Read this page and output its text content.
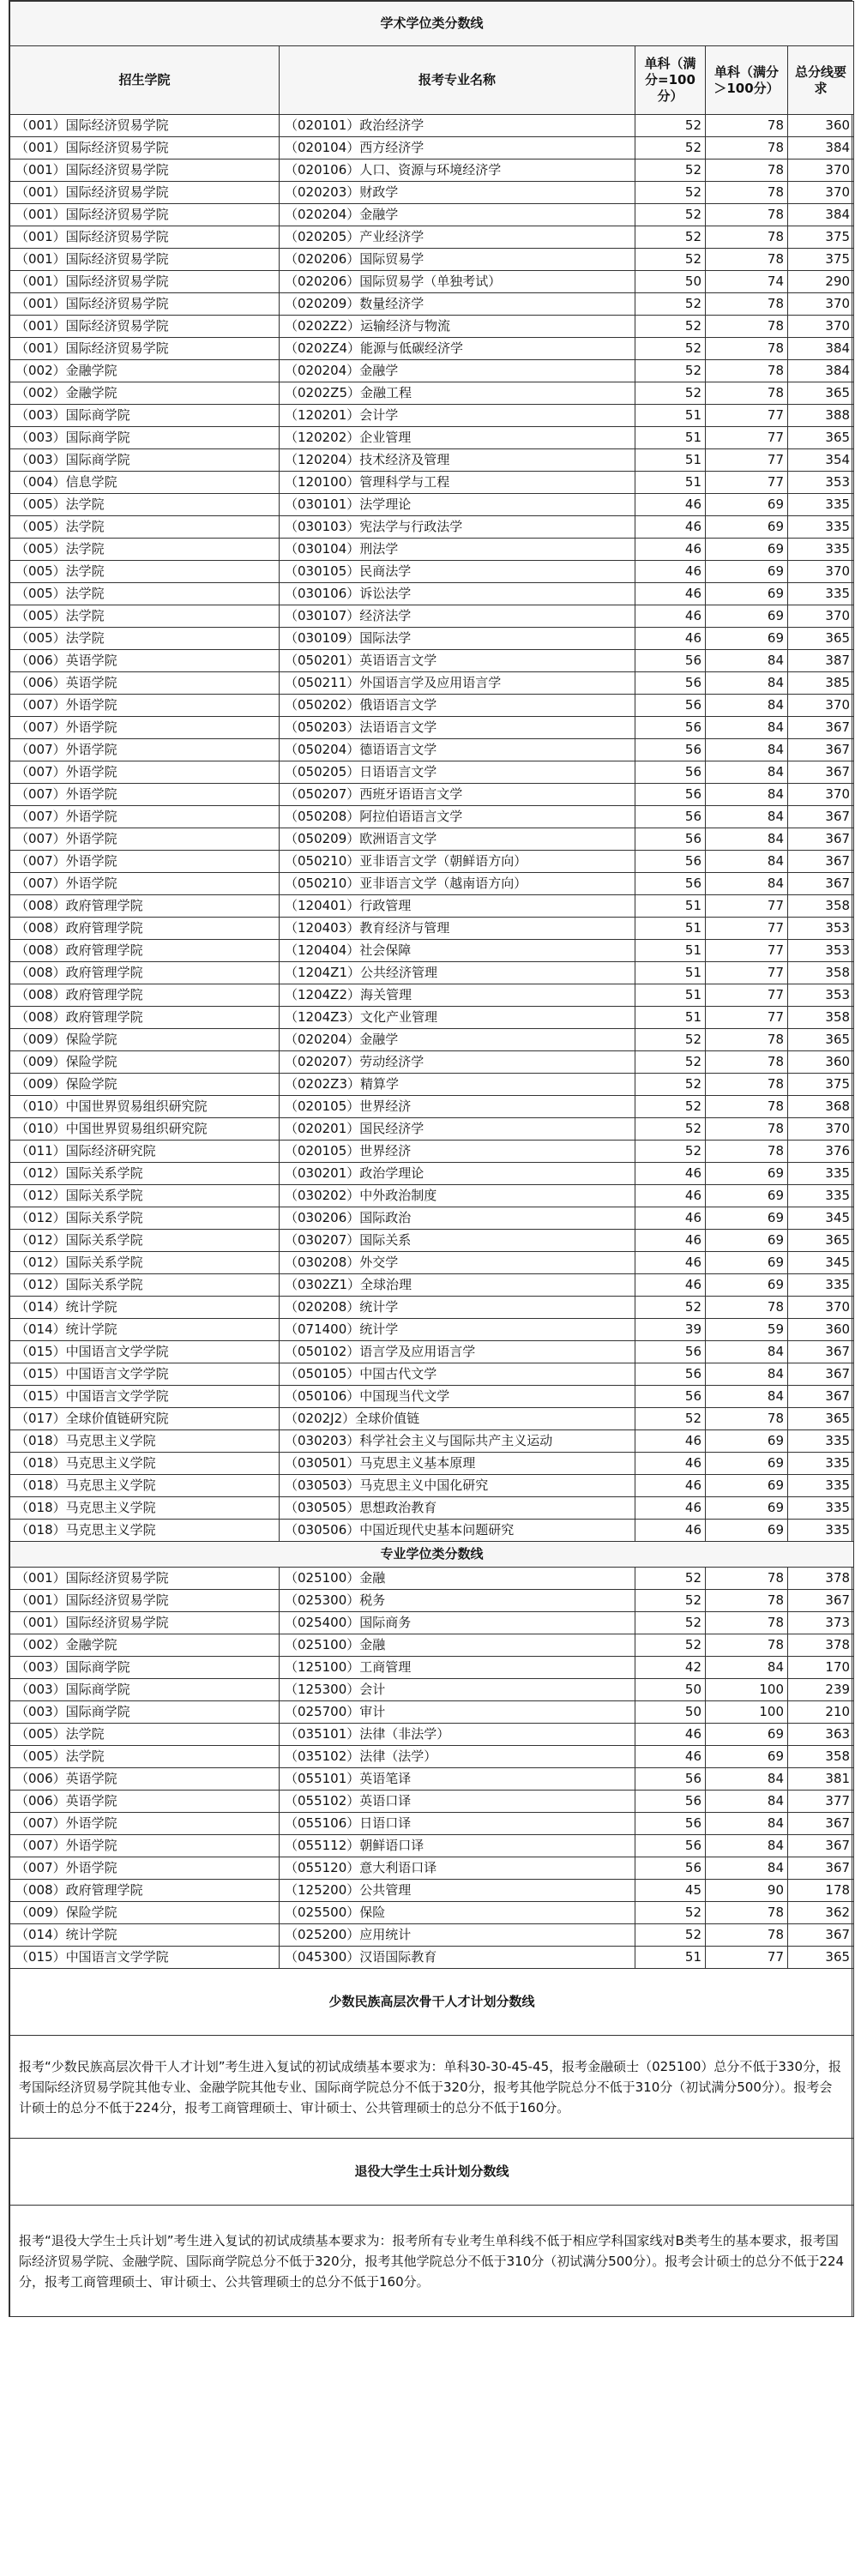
学术学位类分数线				
招生学院	报考专业名称	单科（满分=100分）	单科（满分＞100分）	总分线要求
（001）国际经济贸易学院	（020101）政治经济学	52	78	360
（001）国际经济贸易学院	（020104）西方经济学	52	78	384
（001）国际经济贸易学院	（020106）人口、资源与环境经济学	52	78	370
（001）国际经济贸易学院	（020203）财政学	52	78	370
（001）国际经济贸易学院	（020204）金融学	52	78	384
（001）国际经济贸易学院	（020205）产业经济学	52	78	375
（001）国际经济贸易学院	（020206）国际贸易学	52	78	375
（001）国际经济贸易学院	（020206）国际贸易学（单独考试）	50	74	290
（001）国际经济贸易学院	（020209）数量经济学	52	78	370
（001）国际经济贸易学院	（0202Z2）运输经济与物流	52	78	370
（001）国际经济贸易学院	（0202Z4）能源与低碳经济学	52	78	384
（002）金融学院	（020204）金融学	52	78	384
（002）金融学院	（0202Z5）金融工程	52	78	365
（003）国际商学院	（120201）会计学	51	77	388
（003）国际商学院	（120202）企业管理	51	77	365
（003）国际商学院	（120204）技术经济及管理	51	77	354
（004）信息学院	（120100）管理科学与工程	51	77	353
（005）法学院	（030101）法学理论	46	69	335
（005）法学院	（030103）宪法学与行政法学	46	69	335
（005）法学院	（030104）刑法学	46	69	335
（005）法学院	（030105）民商法学	46	69	370
（005）法学院	（030106）诉讼法学	46	69	335
（005）法学院	（030107）经济法学	46	69	370
（005）法学院	（030109）国际法学	46	69	365
（006）英语学院	（050201）英语语言文学	56	84	387
（006）英语学院	（050211）外国语言学及应用语言学	56	84	385
（007）外语学院	（050202）俄语语言文学	56	84	370
（007）外语学院	（050203）法语语言文学	56	84	367
（007）外语学院	（050204）德语语言文学	56	84	367
（007）外语学院	（050205）日语语言文学	56	84	367
（007）外语学院	（050207）西班牙语语言文学	56	84	370
（007）外语学院	（050208）阿拉伯语语言文学	56	84	367
（007）外语学院	（050209）欧洲语言文学	56	84	367
（007）外语学院	（050210）亚非语言文学（朝鲜语方向）	56	84	367
（007）外语学院	（050210）亚非语言文学（越南语方向）	56	84	367
（008）政府管理学院	（120401）行政管理	51	77	358
（008）政府管理学院	（120403）教育经济与管理	51	77	353
（008）政府管理学院	（120404）社会保障	51	77	353
（008）政府管理学院	（1204Z1）公共经济管理	51	77	358
（008）政府管理学院	（1204Z2）海关管理	51	77	353
（008）政府管理学院	（1204Z3）文化产业管理	51	77	358
（009）保险学院	（020204）金融学	52	78	365
（009）保险学院	（020207）劳动经济学	52	78	360
（009）保险学院	（0202Z3）精算学	52	78	375
（010）中国世界贸易组织研究院	（020105）世界经济	52	78	368
（010）中国世界贸易组织研究院	（020201）国民经济学	52	78	370
（011）国际经济研究院	（020105）世界经济	52	78	376
（012）国际关系学院	（030201）政治学理论	46	69	335
（012）国际关系学院	（030202）中外政治制度	46	69	335
（012）国际关系学院	（030206）国际政治	46	69	345
（012）国际关系学院	（030207）国际关系	46	69	365
（012）国际关系学院	（030208）外交学	46	69	345
（012）国际关系学院	（0302Z1）全球治理	46	69	335
（014）统计学院	（020208）统计学	52	78	370
（014）统计学院	（071400）统计学	39	59	360
（015）中国语言文学学院	（050102）语言学及应用语言学	56	84	367
（015）中国语言文学学院	（050105）中国古代文学	56	84	367
（015）中国语言文学学院	（050106）中国现当代文学	56	84	367
（017）全球价值链研究院	（0202J2）全球价值链	52	78	365
（018）马克思主义学院	（030203）科学社会主义与国际共产主义运动	46	69	335
（018）马克思主义学院	（030501）马克思主义基本原理	46	69	335
（018）马克思主义学院	（030503）马克思主义中国化研究	46	69	335
（018）马克思主义学院	（030505）思想政治教育	46	69	335
（018）马克思主义学院	（030506）中国近现代史基本问题研究	46	69	335
专业学位类分数线				
（001）国际经济贸易学院	（025100）金融	52	78	378
（001）国际经济贸易学院	（025300）税务	52	78	367
（001）国际经济贸易学院	（025400）国际商务	52	78	373
（002）金融学院	（025100）金融	52	78	378
（003）国际商学院	（125100）工商管理	42	84	170
（003）国际商学院	（125300）会计	50	100	239
（003）国际商学院	（025700）审计	50	100	210
（005）法学院	（035101）法律（非法学）	46	69	363
（005）法学院	（035102）法律（法学）	46	69	358
（006）英语学院	（055101）英语笔译	56	84	381
（006）英语学院	（055102）英语口译	56	84	377
（007）外语学院	（055106）日语口译	56	84	367
（007）外语学院	（055112）朝鲜语口译	56	84	367
（007）外语学院	（055120）意大利语口译	56	84	367
（008）政府管理学院	（125200）公共管理	45	90	178
（009）保险学院	（025500）保险	52	78	362
（014）统计学院	（025200）应用统计	52	78	367
（015）中国语言文学学院	（045300）汉语国际教育	51	77	365
少数民族高层次骨干人才计划分数线				
报考“少数民族高层次骨干人才计划”考生进入复试的初试成绩基本要求为：单科30-30-45-45，报考金融硕士（025100）总分不低于330分，报考国际经济贸易学院其他专业、金融学院其他专业、国际商学院总分不低于320分，报考其他学院总分不低于310分（初试满分500分）。报考会计硕士的总分不低于224分，报考工商管理硕士、审计硕士、公共管理硕士的总分不低于160分。				
退役大学生士兵计划分数线				
报考“退役大学生士兵计划”考生进入复试的初试成绩基本要求为：报考所有专业考生单科线不低于相应学科国家线对B类考生的基本要求，报考国际经济贸易学院、金融学院、国际商学院总分不低于320分，报考其他学院总分不低于310分（初试满分500分）。报考会计硕士的总分不低于224分，报考工商管理硕士、审计硕士、公共管理硕士的总分不低于160分。				
